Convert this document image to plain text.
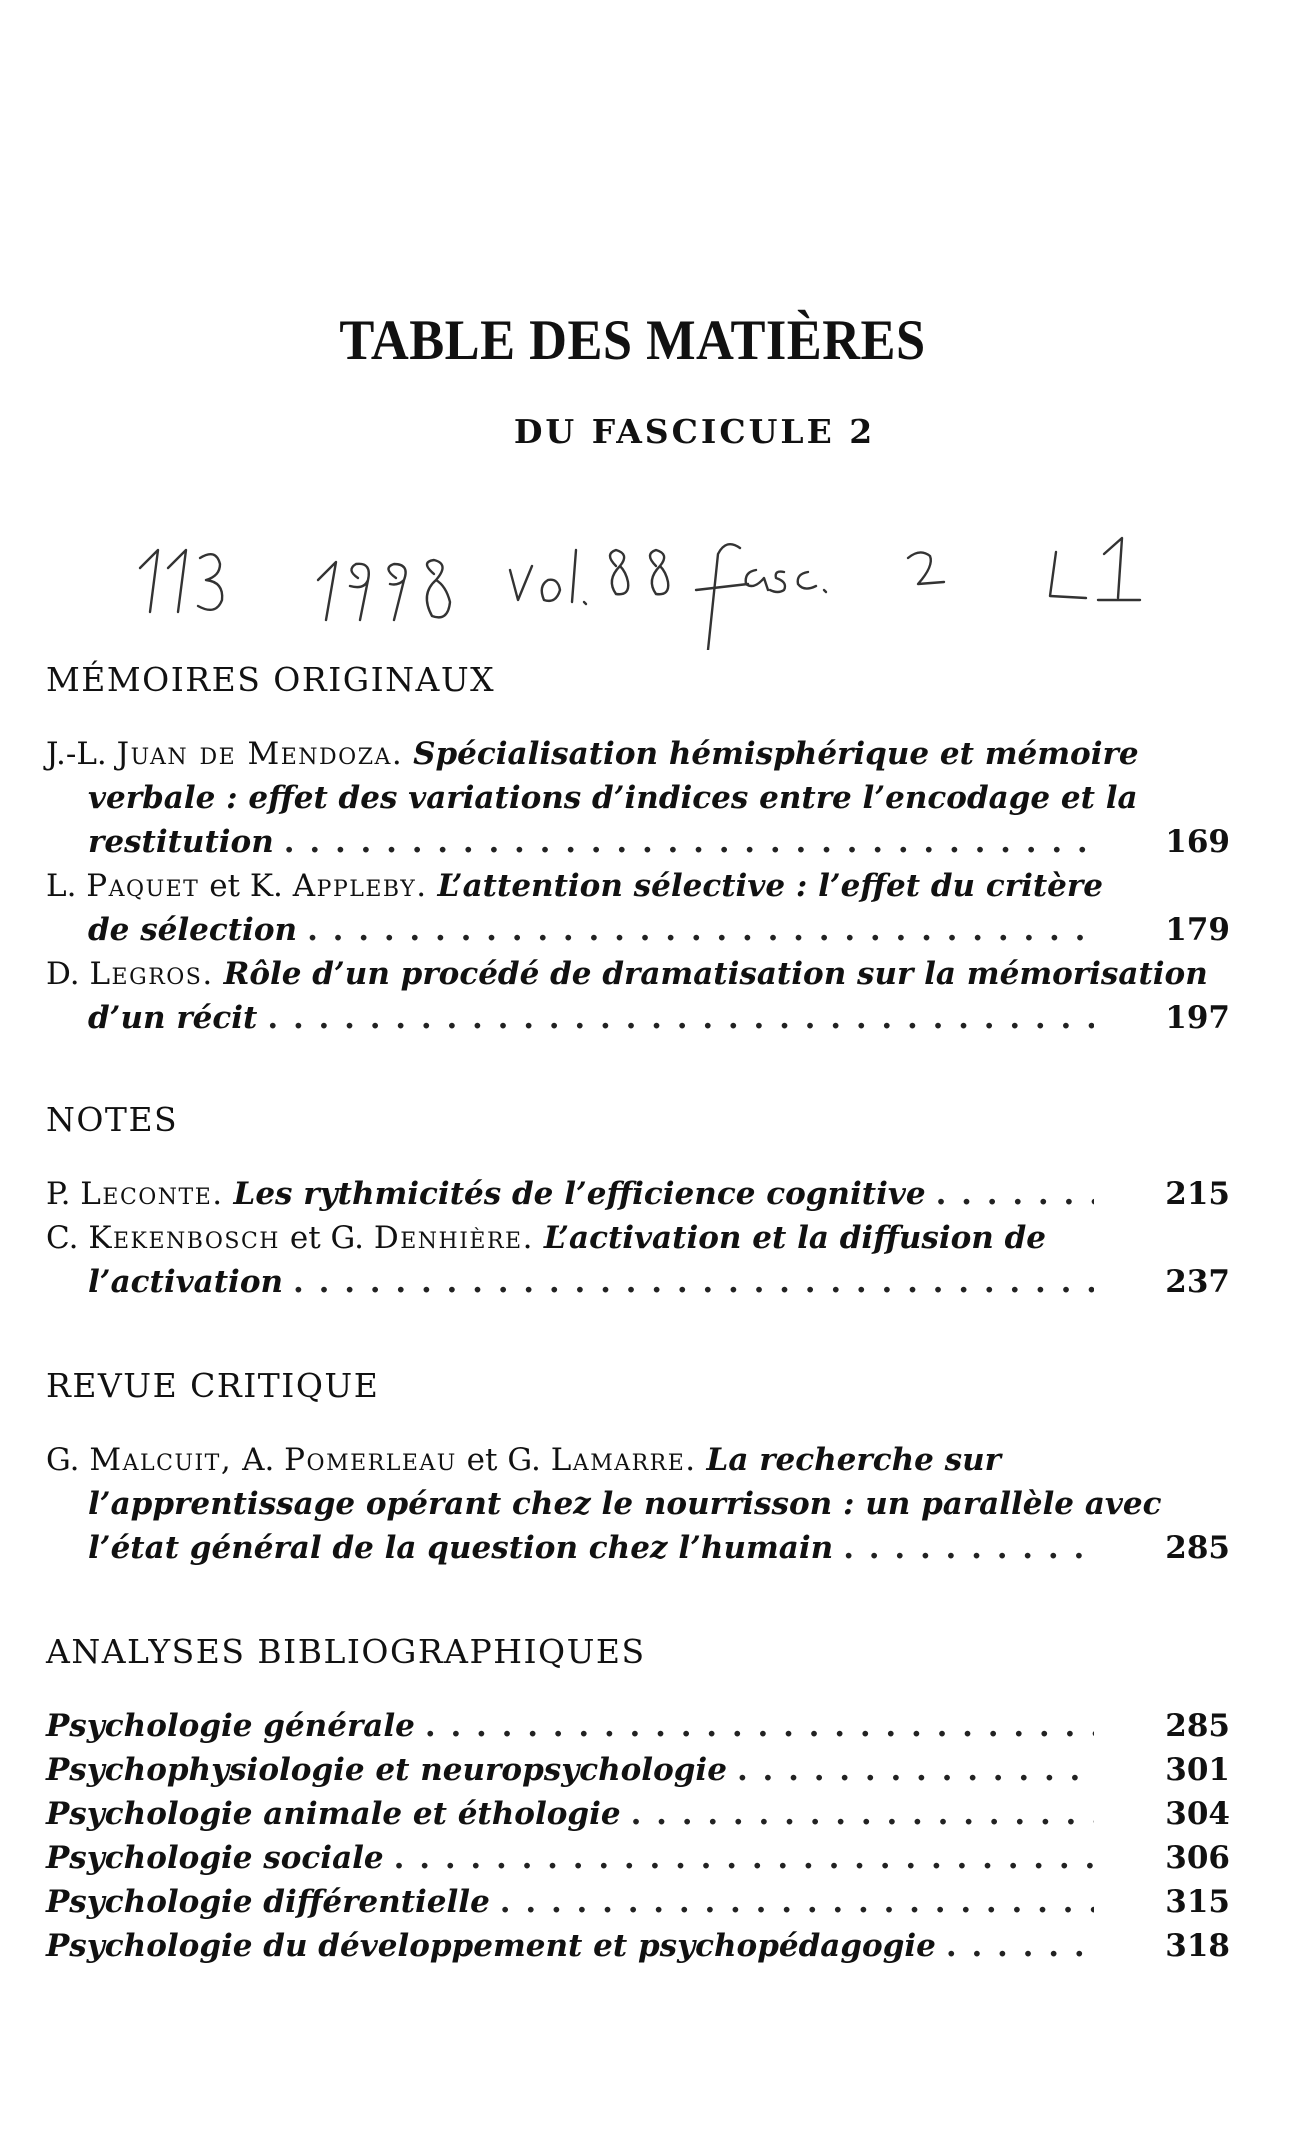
TABLE DES MATIÈRES
DU FASCICULE 2
MÉMOIRES ORIGINAUX
J.-L. Juan de Mendoza. Spécialisation hémisphérique et mémoire
verbale : effet des variations d’indices entre l’encodage et la
restitution . . .	169
L. Paquet et K. Appleby. L’attention sélective : l’effet du critère
de sélection . . .	179
D. Legros. Rôle d’un procédé de dramatisation sur la mémorisation
d’un récit . . .	197
NOTES
P. Leconte. Les rythmicités de l’efficience cognitive . . .	215
C. Kekenbosch et G. Denhière. L’activation et la diffusion de
l’activation . . .	237
REVUE CRITIQUE
G. Malcuit, A. Pomerleau et G. Lamarre. La recherche sur
l’apprentissage opérant chez le nourrisson : un parallèle avec
l’état général de la question chez l’humain . . .	285
ANALYSES BIBLIOGRAPHIQUES
Psychologie générale . . .	285
Psychophysiologie et neuropsychologie . . .	301
Psychologie animale et éthologie . . .	304
Psychologie sociale . . .	306
Psychologie différentielle . . .	315
Psychologie du développement et psychopédagogie . . .	318
